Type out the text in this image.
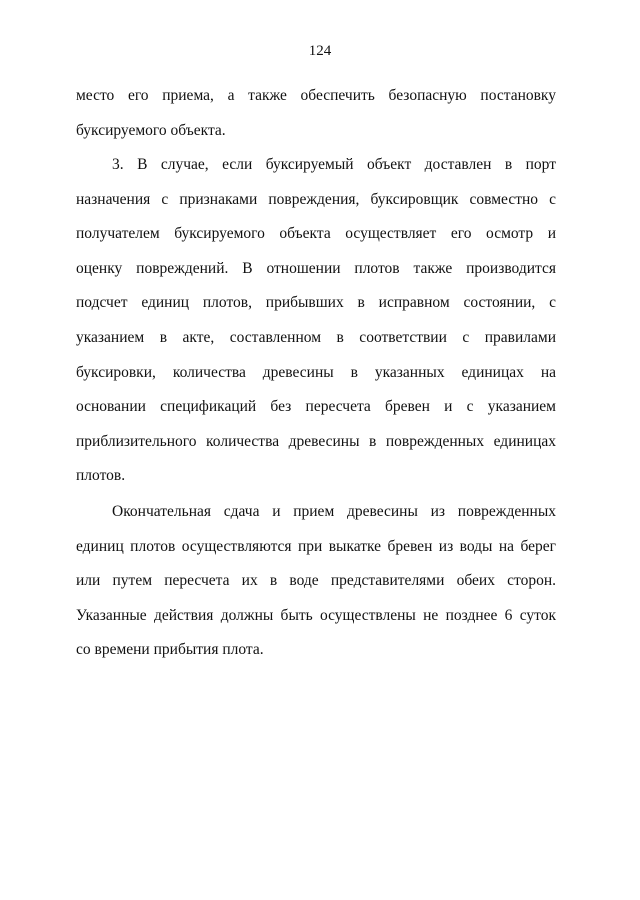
124
место его приема, а также обеспечить безопасную постановку
буксируемого объекта.
3. В случае, если буксируемый объект доставлен в порт
назначения с признаками повреждения, буксировщик совместно с
получателем буксируемого объекта осуществляет его осмотр и
оценку повреждений. В отношении плотов также производится
подсчет единиц плотов, прибывших в исправном состоянии, с
указанием в акте, составленном в соответствии с правилами
буксировки, количества древесины в указанных единицах на
основании спецификаций без пересчета бревен и с указанием
приблизительного количества древесины в поврежденных единицах
плотов.
Окончательная сдача и прием древесины из поврежденных
единиц плотов осуществляются при выкатке бревен из воды на берег
или путем пересчета их в воде представителями обеих сторон.
Указанные действия должны быть осуществлены не позднее 6 суток
со времени прибытия плота.
